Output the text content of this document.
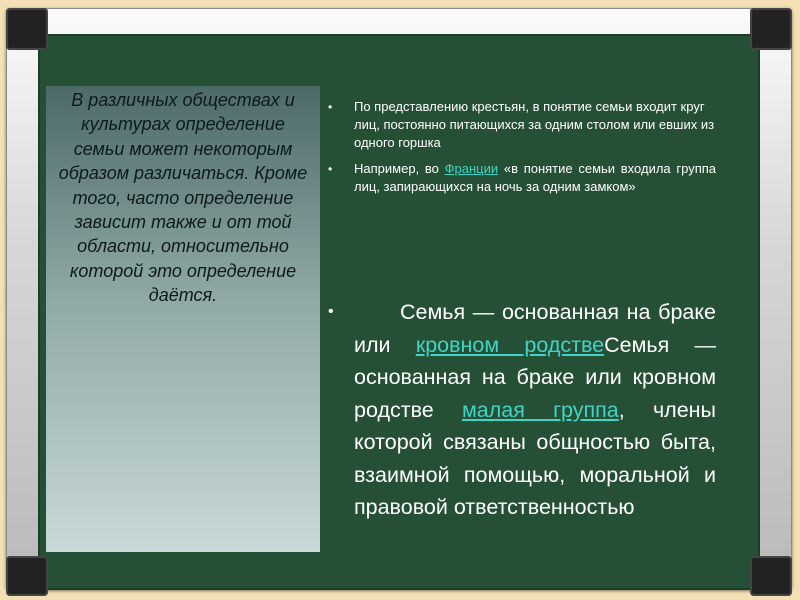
В различных обществах и культурах определение семьи может некоторым образом различаться. Кроме того, часто определение зависит также и от той области, относительно которой это определение даётся.
•	По представлению крестьян, в понятие семьи входит круг лиц, постоянно питающихся за одним столом или евших из одного горшка
•	Например, во Франции «в понятие семьи входила группа лиц, запирающихся на ночь за одним замком»
•	Семья — основанная на браке или кровном родствеСемья — основанная на браке или кровном родстве малая группа, члены которой связаны общностью быта, взаимной помощью, моральной и правовой ответственностью
